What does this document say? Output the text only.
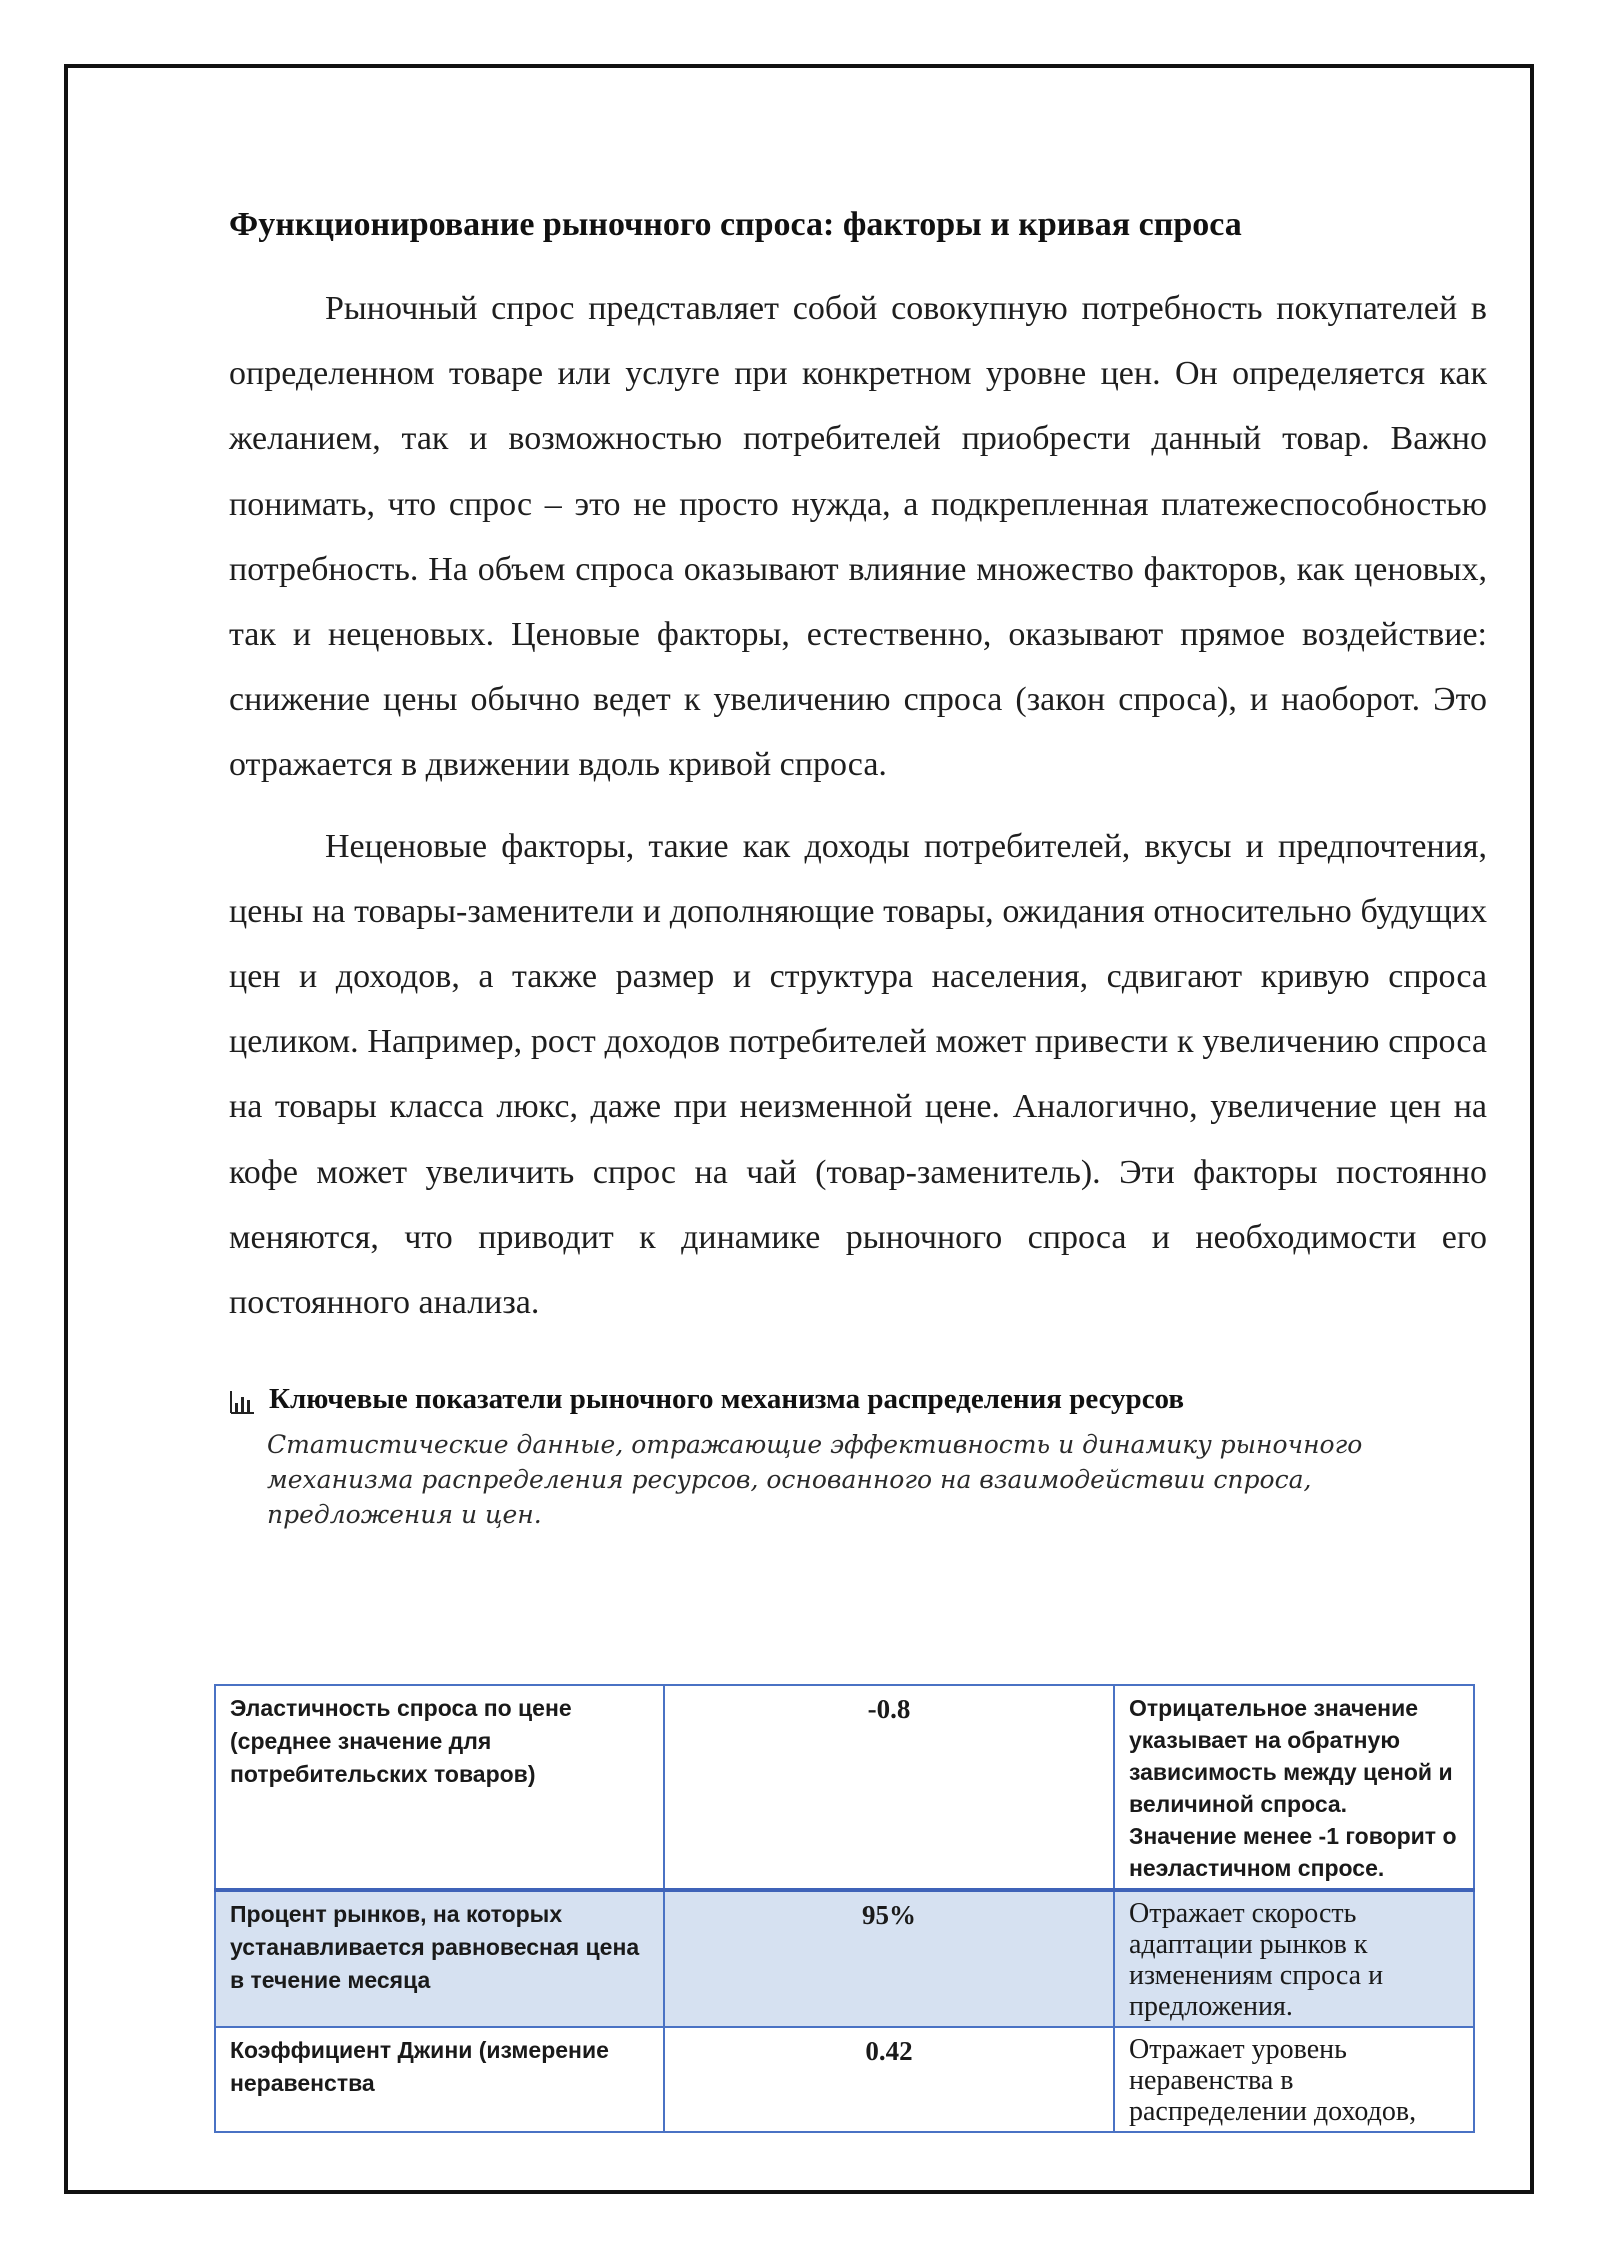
Функционирование рыночного спроса: факторы и кривая спроса

Рыночный спрос представляет собой совокупную потребность покупателей в определенном товаре или услуге при конкретном уровне цен. Он определяется как желанием, так и возможностью потребителей приобрести данный товар. Важно понимать, что спрос – это не просто нужда, а подкрепленная платежеспособностью потребность. На объем спроса оказывают влияние множество факторов, как ценовых, так и неценовых. Ценовые факторы, естественно, оказывают прямое воздействие: снижение цены обычно ведет к увеличению спроса (закон спроса), и наоборот. Это отражается в движении вдоль кривой спроса.

Неценовые факторы, такие как доходы потребителей, вкусы и предпочтения, цены на товары-заменители и дополняющие товары, ожидания относительно будущих цен и доходов, а также размер и структура населения, сдвигают кривую спроса целиком. Например, рост доходов потребителей может привести к увеличению спроса на товары класса люкс, даже при неизменной цене. Аналогично, увеличение цен на кофе может увеличить спрос на чай (товар-заменитель). Эти факторы постоянно меняются, что приводит к динамике рыночного спроса и необходимости его постоянного анализа.

Ключевые показатели рыночного механизма распределения ресурсов
Статистические данные, отражающие эффективность и динамику рыночного механизма распределения ресурсов, основанного на взаимодействии спроса, предложения и цен.
Эластичность спроса по цене (среднее значение для потребительских товаров)	-0.8	Отрицательное значение указывает на обратную зависимость между ценой и величиной спроса. Значение менее -1 говорит о неэластичном спросе.
Процент рынков, на которых устанавливается равновесная цена в течение месяца	95%	Отражает скорость адаптации рынков к изменениям спроса и предложения.
Коэффициент Джини (измерение неравенства	0.42	Отражает уровень неравенства в распределении доходов,
